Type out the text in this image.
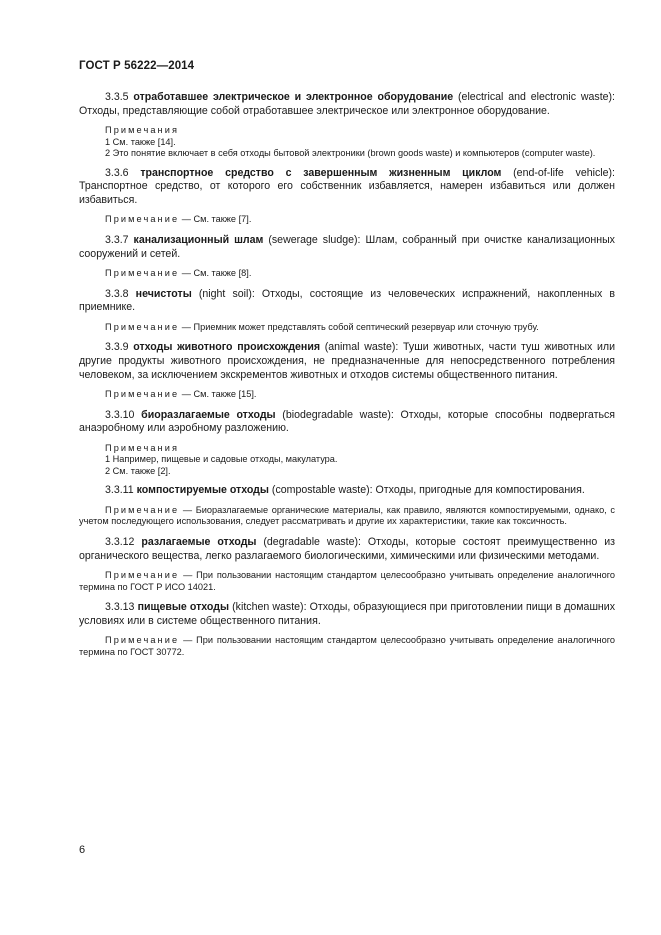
ГОСТ Р 56222—2014

3.3.5 отработавшее электрическое и электронное оборудование (electrical and electronic waste): Отходы, представляющие собой отработавшее электрическое или электронное оборудование.

Примечания
1 См. также [14].
2 Это понятие включает в себя отходы бытовой электроники (brown goods waste) и компьютеров (computer waste).

3.3.6 транспортное средство с завершенным жизненным циклом (end-of-life vehicle): Транспортное средство, от которого его собственник избавляется, намерен избавиться или должен избавиться.

Примечание — См. также [7].

3.3.7 канализационный шлам (sewerage sludge): Шлам, собранный при очистке канализационных сооружений и сетей.

Примечание — См. также [8].

3.3.8 нечистоты (night soil): Отходы, состоящие из человеческих испражнений, накопленных в приемнике.

Примечание — Приемник может представлять собой септический резервуар или сточную трубу.

3.3.9 отходы животного происхождения (animal waste): Туши животных, части туш животных или другие продукты животного происхождения, не предназначенные для непосредственного потребления человеком, за исключением экскрементов животных и отходов системы общественного питания.

Примечание — См. также [15].

3.3.10 биоразлагаемые отходы (biodegradable waste): Отходы, которые способны подвергаться анаэробному или аэробному разложению.

Примечания
1 Например, пищевые и садовые отходы, макулатура.
2 См. также [2].

3.3.11 компостируемые отходы (compostable waste): Отходы, пригодные для компостирования.

Примечание — Биоразлагаемые органические материалы, как правило, являются компостируемыми, однако, с учетом последующего использования, следует рассматривать и другие их характеристики, такие как токсичность.

3.3.12 разлагаемые отходы (degradable waste): Отходы, которые состоят преимущественно из органического вещества, легко разлагаемого биологическими, химическими или физическими методами.

Примечание — При пользовании настоящим стандартом целесообразно учитывать определение аналогичного термина по ГОСТ Р ИСО 14021.

3.3.13 пищевые отходы (kitchen waste): Отходы, образующиеся при приготовлении пищи в домашних условиях или в системе общественного питания.

Примечание — При пользовании настоящим стандартом целесообразно учитывать определение аналогичного термина по ГОСТ 30772.

6
